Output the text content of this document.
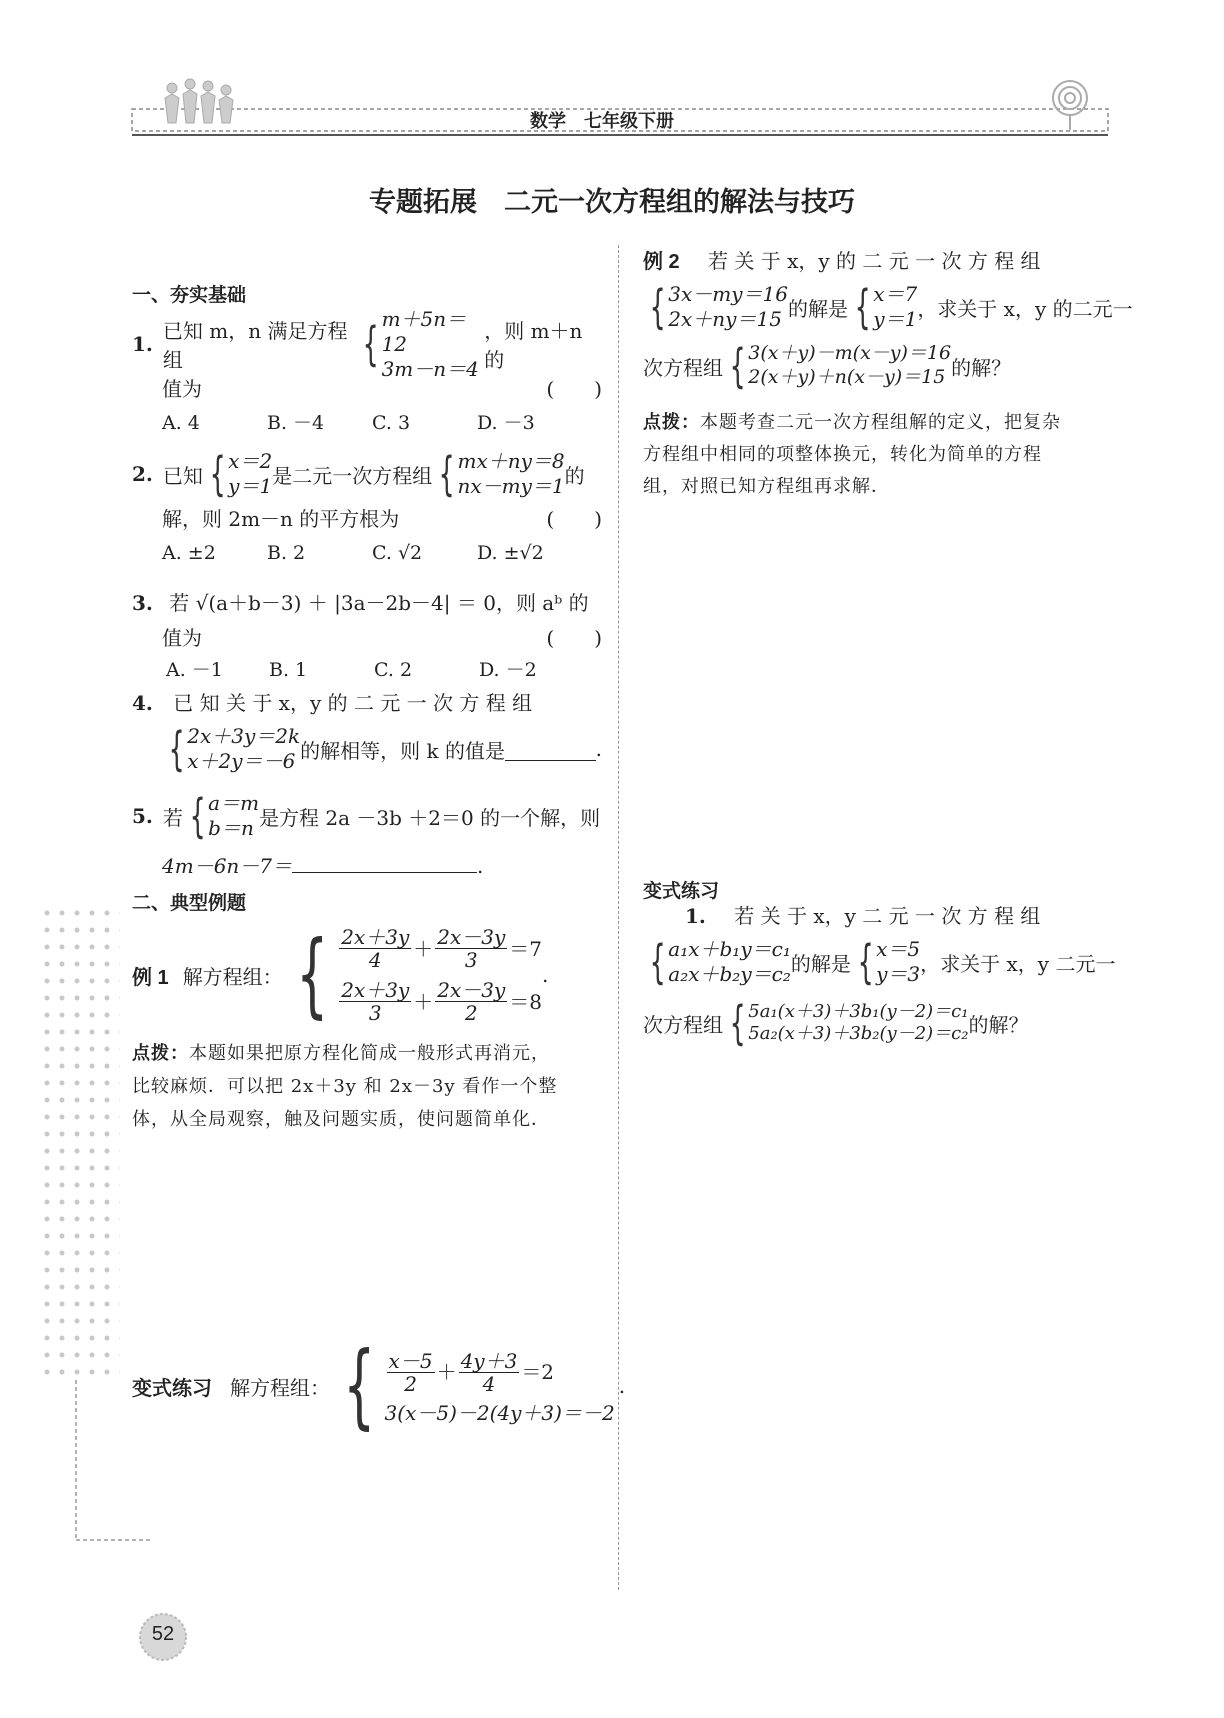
数学　七年级下册
专题拓展　二元一次方程组的解法与技巧
52
一、夯实基础
1.
已知 m，n 满足方程组	{ m＋5n＝12
3m－n＝4
，则 m＋n 的
值为	(　　)
A. 4	B. －4	C. 3	D. －3
2. 已知 { x＝2
y＝1 是二元一次方程组 { mx＋ny＝8
nx－my＝1 的
解，则 2m－n 的平方根为	(　　)
A. ±2	B. 2	C. √2	D. ±√2
3. 若 √(a＋b－3) ＋ |3a－2b－4| ＝ 0，则 aᵇ 的
值为	(　　)
A. －1 B. 1	C. 2	D. －2
4. 已 知 关 于 x，y 的 二 元 一 次 方 程 组
{ 2x＋3y＝2k
x＋2y＝－6 的解相等，则 k 的值是	.
5. 若 { a＝m
b＝n 是方程 2a －3b ＋2＝0 的一个解，则
4m－6n－7＝	.
二、典型例题
例 1 解方程组： { $\frac{2x+3y}{4} + \frac{2x-3y}{3} =7$
$\frac{2x+3y}{3} + \frac{2x-3y}{2} =8$
.
点拨：本题如果把原方程化简成一般形式再消元，
比较麻烦．可以把 2x＋3y 和 2x－3y 看作一个整
体，从全局观察，触及问题实质，使问题简单化．
变式练习 解方程组： { $\frac{x-5}{2} + \frac{4y+3}{4} =2$
3(x－5)－2(4y＋3)＝－2
.
例 2 若 关 于 x，y 的 二 元 一 次 方 程 组
{ 3x－my＝16
2x＋ny＝15 的解是 { x＝7
y＝1 ，求关于 x，y 的二元一
次方程组 { 3(x＋y)－m(x－y)＝16
2(x＋y)＋n(x－y)＝15 的解？
点拨：本题考查二元一次方程组解的定义，把复杂
方程组中相同的项整体换元，转化为简单的方程
组，对照已知方程组再求解．
变式练习
1. 若 关 于 x，y 二 元 一 次 方 程 组
{ a₁x＋b₁y＝c₁
a₂x＋b₂y＝c₂ 的解是 { x＝5
y＝3 ，求关于 x，y 二元一
次方程组 { 5a₁(x＋3)＋3b₁(y－2)＝c₁
5a₂(x＋3)＋3b₂(y－2)＝c₂ 的解？
